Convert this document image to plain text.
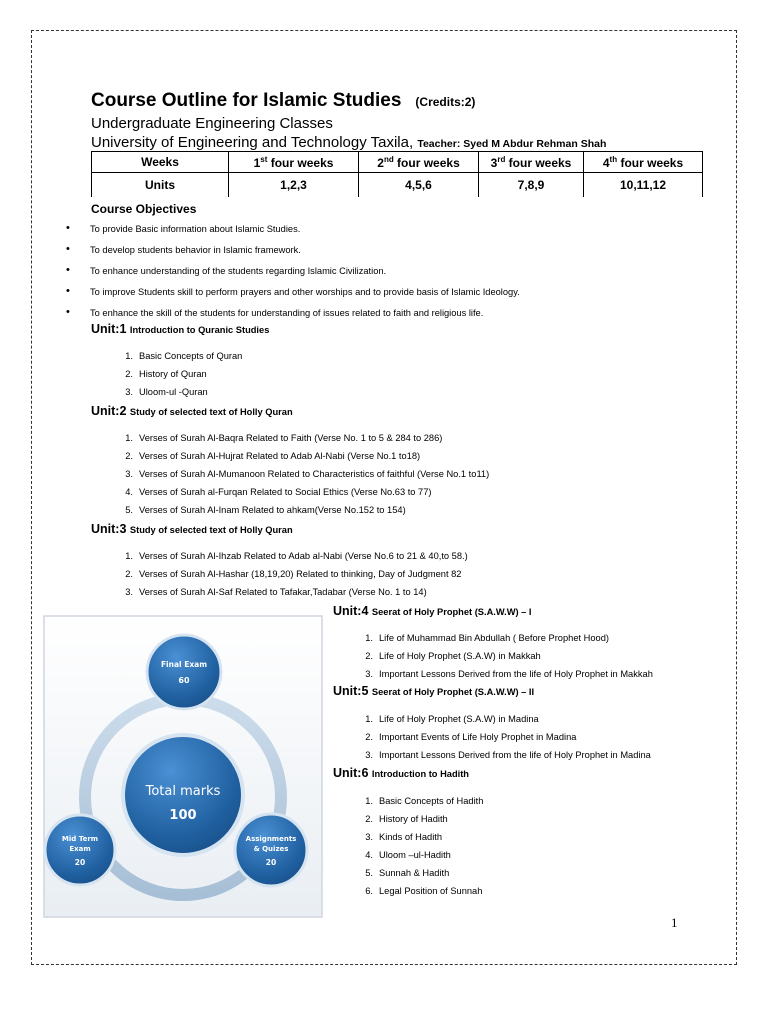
Course Outline for Islamic Studies (Credits:2)
Undergraduate Engineering Classes
University of Engineering and Technology Taxila, Teacher: Syed M Abdur Rehman Shah
Weeks	1st four weeks	2nd four weeks	3rd four weeks	4th four weeks
Units	1,2,3	4,5,6	7,8,9	10,11,12
Course Objectives
• To provide Basic information about Islamic Studies.
• To develop students behavior in Islamic framework.
• To enhance understanding of the students regarding Islamic Civilization.
• To improve Students skill to perform prayers and other worships and to provide basis of Islamic Ideology.
• To enhance the skill of the students for understanding of issues related to faith and religious life.
Unit:1 Introduction to Quranic Studies
1. Basic Concepts of Quran
2. History of Quran
3. Uloom-ul -Quran
Unit:2 Study of selected text of Holly Quran
1. Verses of Surah Al-Baqra Related to Faith (Verse No. 1 to 5 & 284 to 286)
2. Verses of Surah Al-Hujrat Related to Adab Al-Nabi (Verse No.1 to18)
3. Verses of Surah Al-Mumanoon Related to Characteristics of faithful (Verse No.1 to11)
4. Verses of Surah al-Furqan Related to Social Ethics (Verse No.63 to 77)
5. Verses of Surah Al-Inam Related to ahkam(Verse No.152 to 154)
Unit:3 Study of selected text of Holly Quran
1. Verses of Surah Al-Ihzab Related to Adab al-Nabi (Verse No.6 to 21 & 40,to 58.)
2. Verses of Surah Al-Hashar (18,19,20) Related to thinking, Day of Judgment 82
3. Verses of Surah Al-Saf Related to Tafakar,Tadabar (Verse No. 1 to 14)
Unit:4 Seerat of Holy Prophet (S.A.W.W) – I
1. Life of Muhammad Bin Abdullah ( Before Prophet Hood)
2. Life of Holy Prophet (S.A.W) in Makkah
3. Important Lessons Derived from the life of Holy Prophet in Makkah
Unit:5 Seerat of Holy Prophet (S.A.W.W) – II
1. Life of Holy Prophet (S.A.W) in Madina
2. Important Events of Life Holy Prophet in Madina
3. Important Lessons Derived from the life of Holy Prophet in Madina
Unit:6 Introduction to Hadith
1. Basic Concepts of Hadith
2. History of Hadith
3. Kinds of Hadith
4. Uloom –ul-Hadith
5. Sunnah & Hadith
6. Legal Position of Sunnah
Total marks
100
Final Exam
60
Mid Term
Exam
20
Assignments
& Quizes
20
1
